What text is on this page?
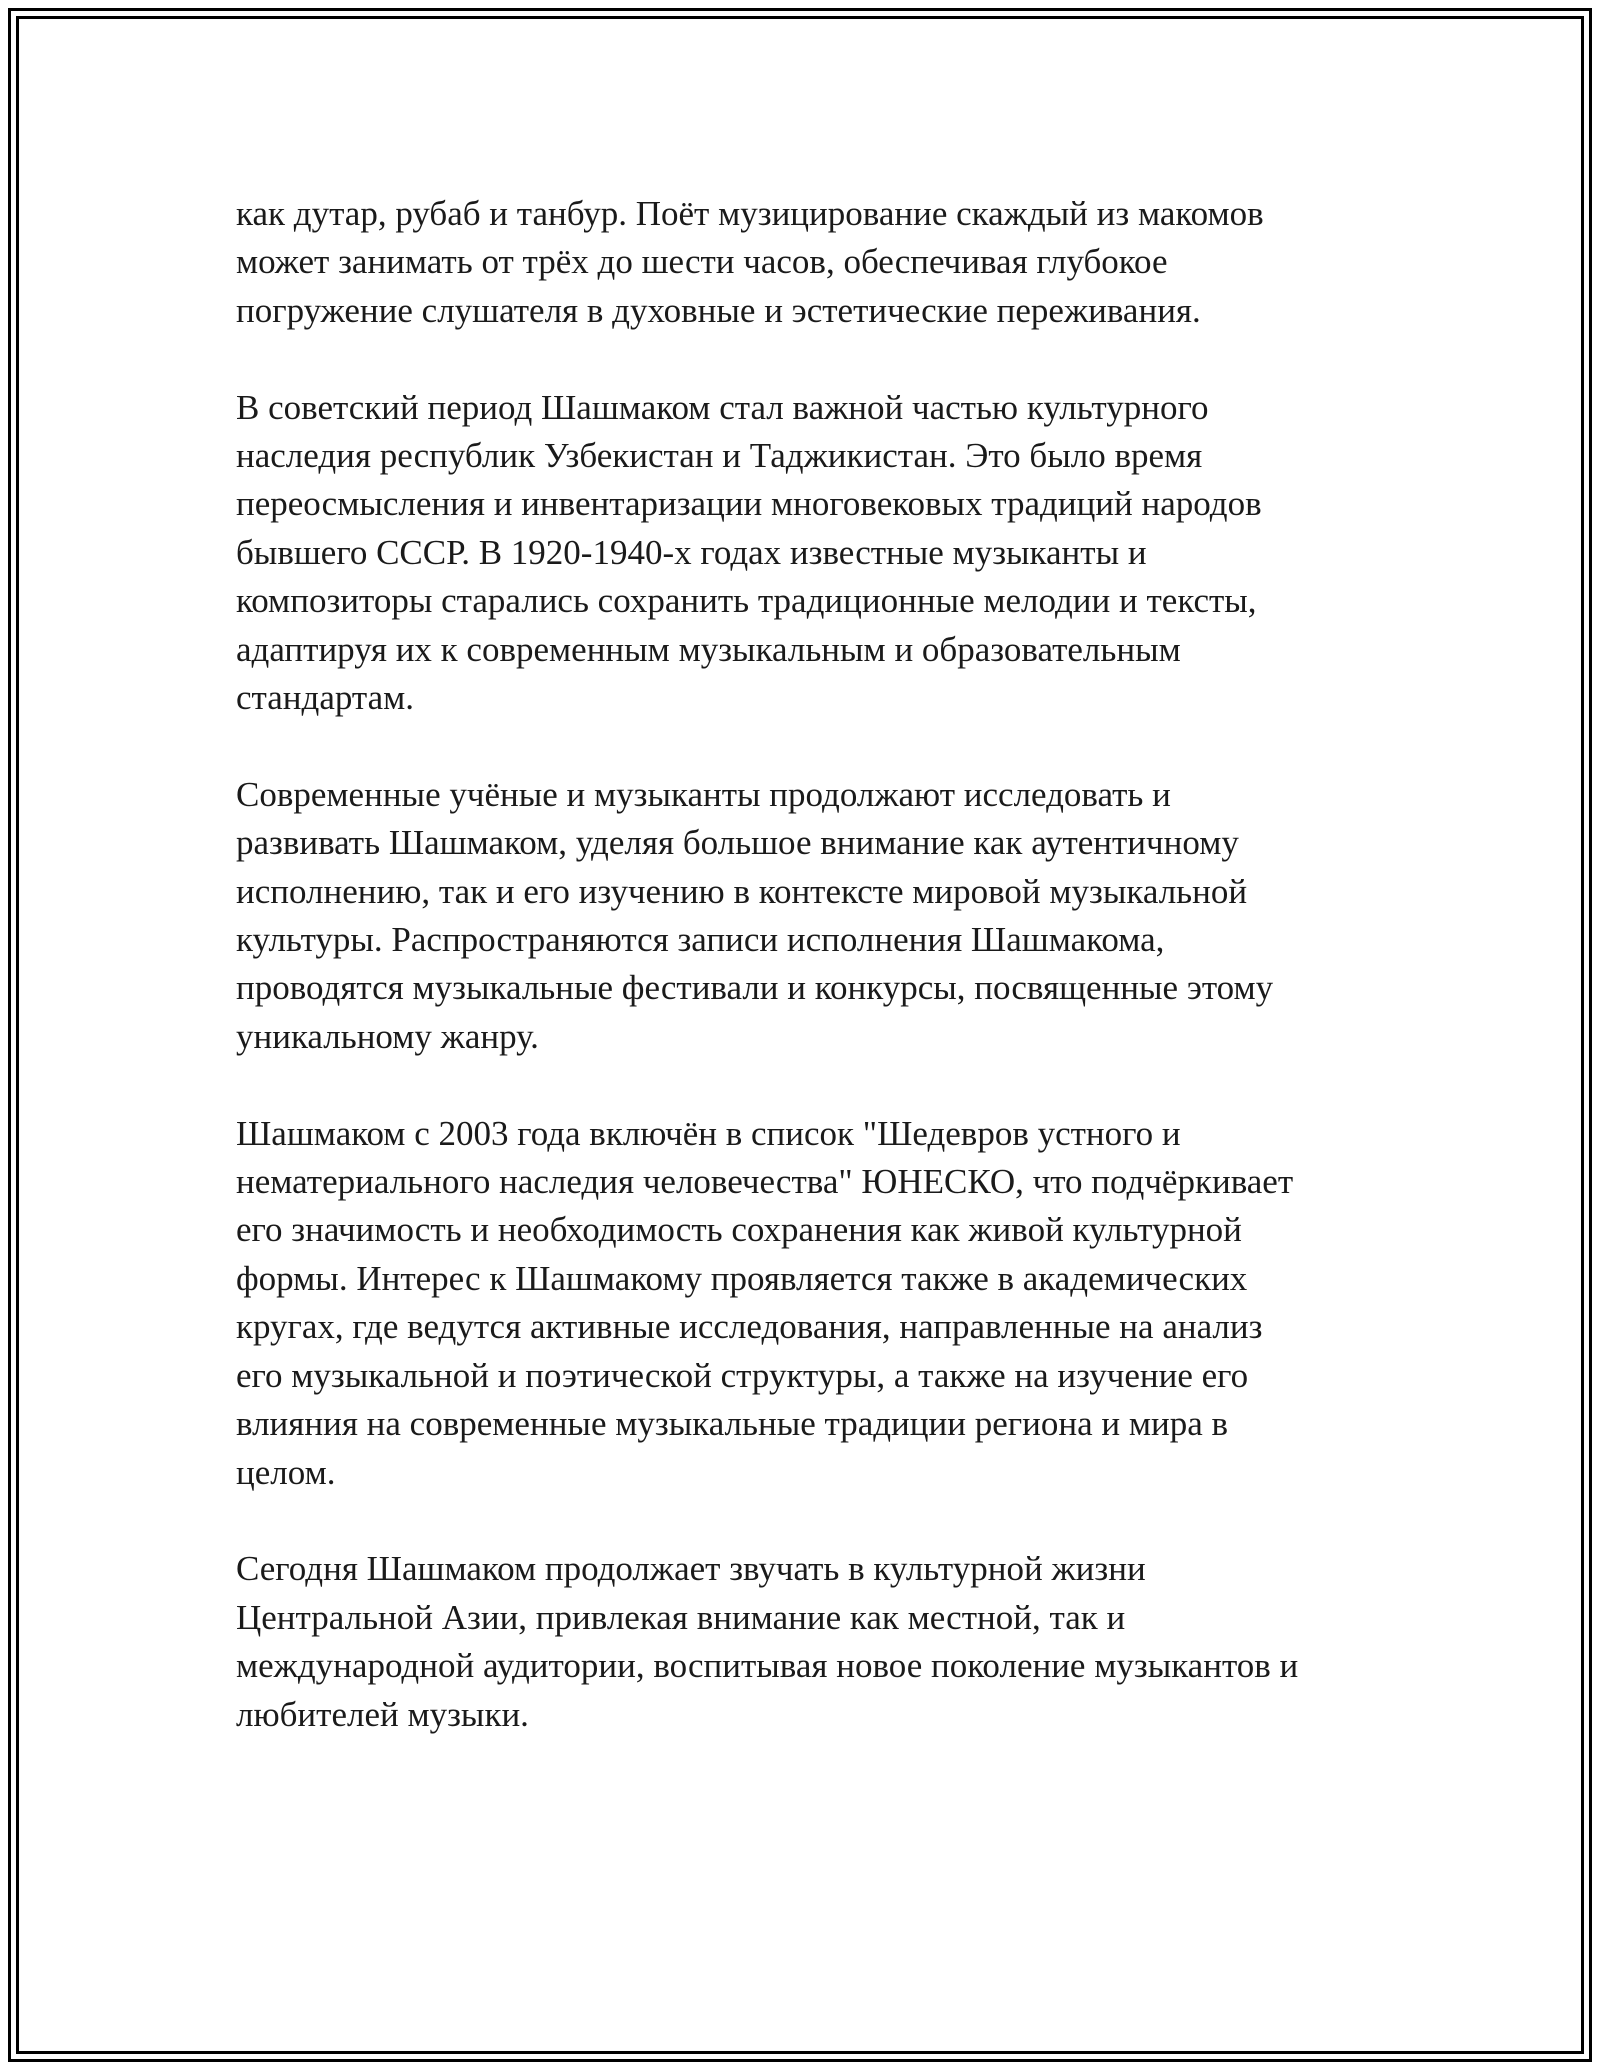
как дутар, рубаб и танбур. Поёт музицирование скаждый из макомов
может занимать от трёх до шести часов, обеспечивая глубокое
погружение слушателя в духовные и эстетические переживания.

В советский период Шашмаком стал важной частью культурного
наследия республик Узбекистан и Таджикистан. Это было время
переосмысления и инвентаризации многовековых традиций народов
бывшего СССР. В 1920-1940-х годах известные музыканты и
композиторы старались сохранить традиционные мелодии и тексты,
адаптируя их к современным музыкальным и образовательным
стандартам.

Современные учёные и музыканты продолжают исследовать и
развивать Шашмаком, уделяя большое внимание как аутентичному
исполнению, так и его изучению в контексте мировой музыкальной
культуры. Распространяются записи исполнения Шашмакома,
проводятся музыкальные фестивали и конкурсы, посвященные этому
уникальному жанру.

Шашмаком с 2003 года включён в список "Шедевров устного и
нематериального наследия человечества" ЮНЕСКО, что подчёркивает
его значимость и необходимость сохранения как живой культурной
формы. Интерес к Шашмакому проявляется также в академических
кругах, где ведутся активные исследования, направленные на анализ
его музыкальной и поэтической структуры, а также на изучение его
влияния на современные музыкальные традиции региона и мира в
целом.

Сегодня Шашмаком продолжает звучать в культурной жизни
Центральной Азии, привлекая внимание как местной, так и
международной аудитории, воспитывая новое поколение музыкантов и
любителей музыки.
